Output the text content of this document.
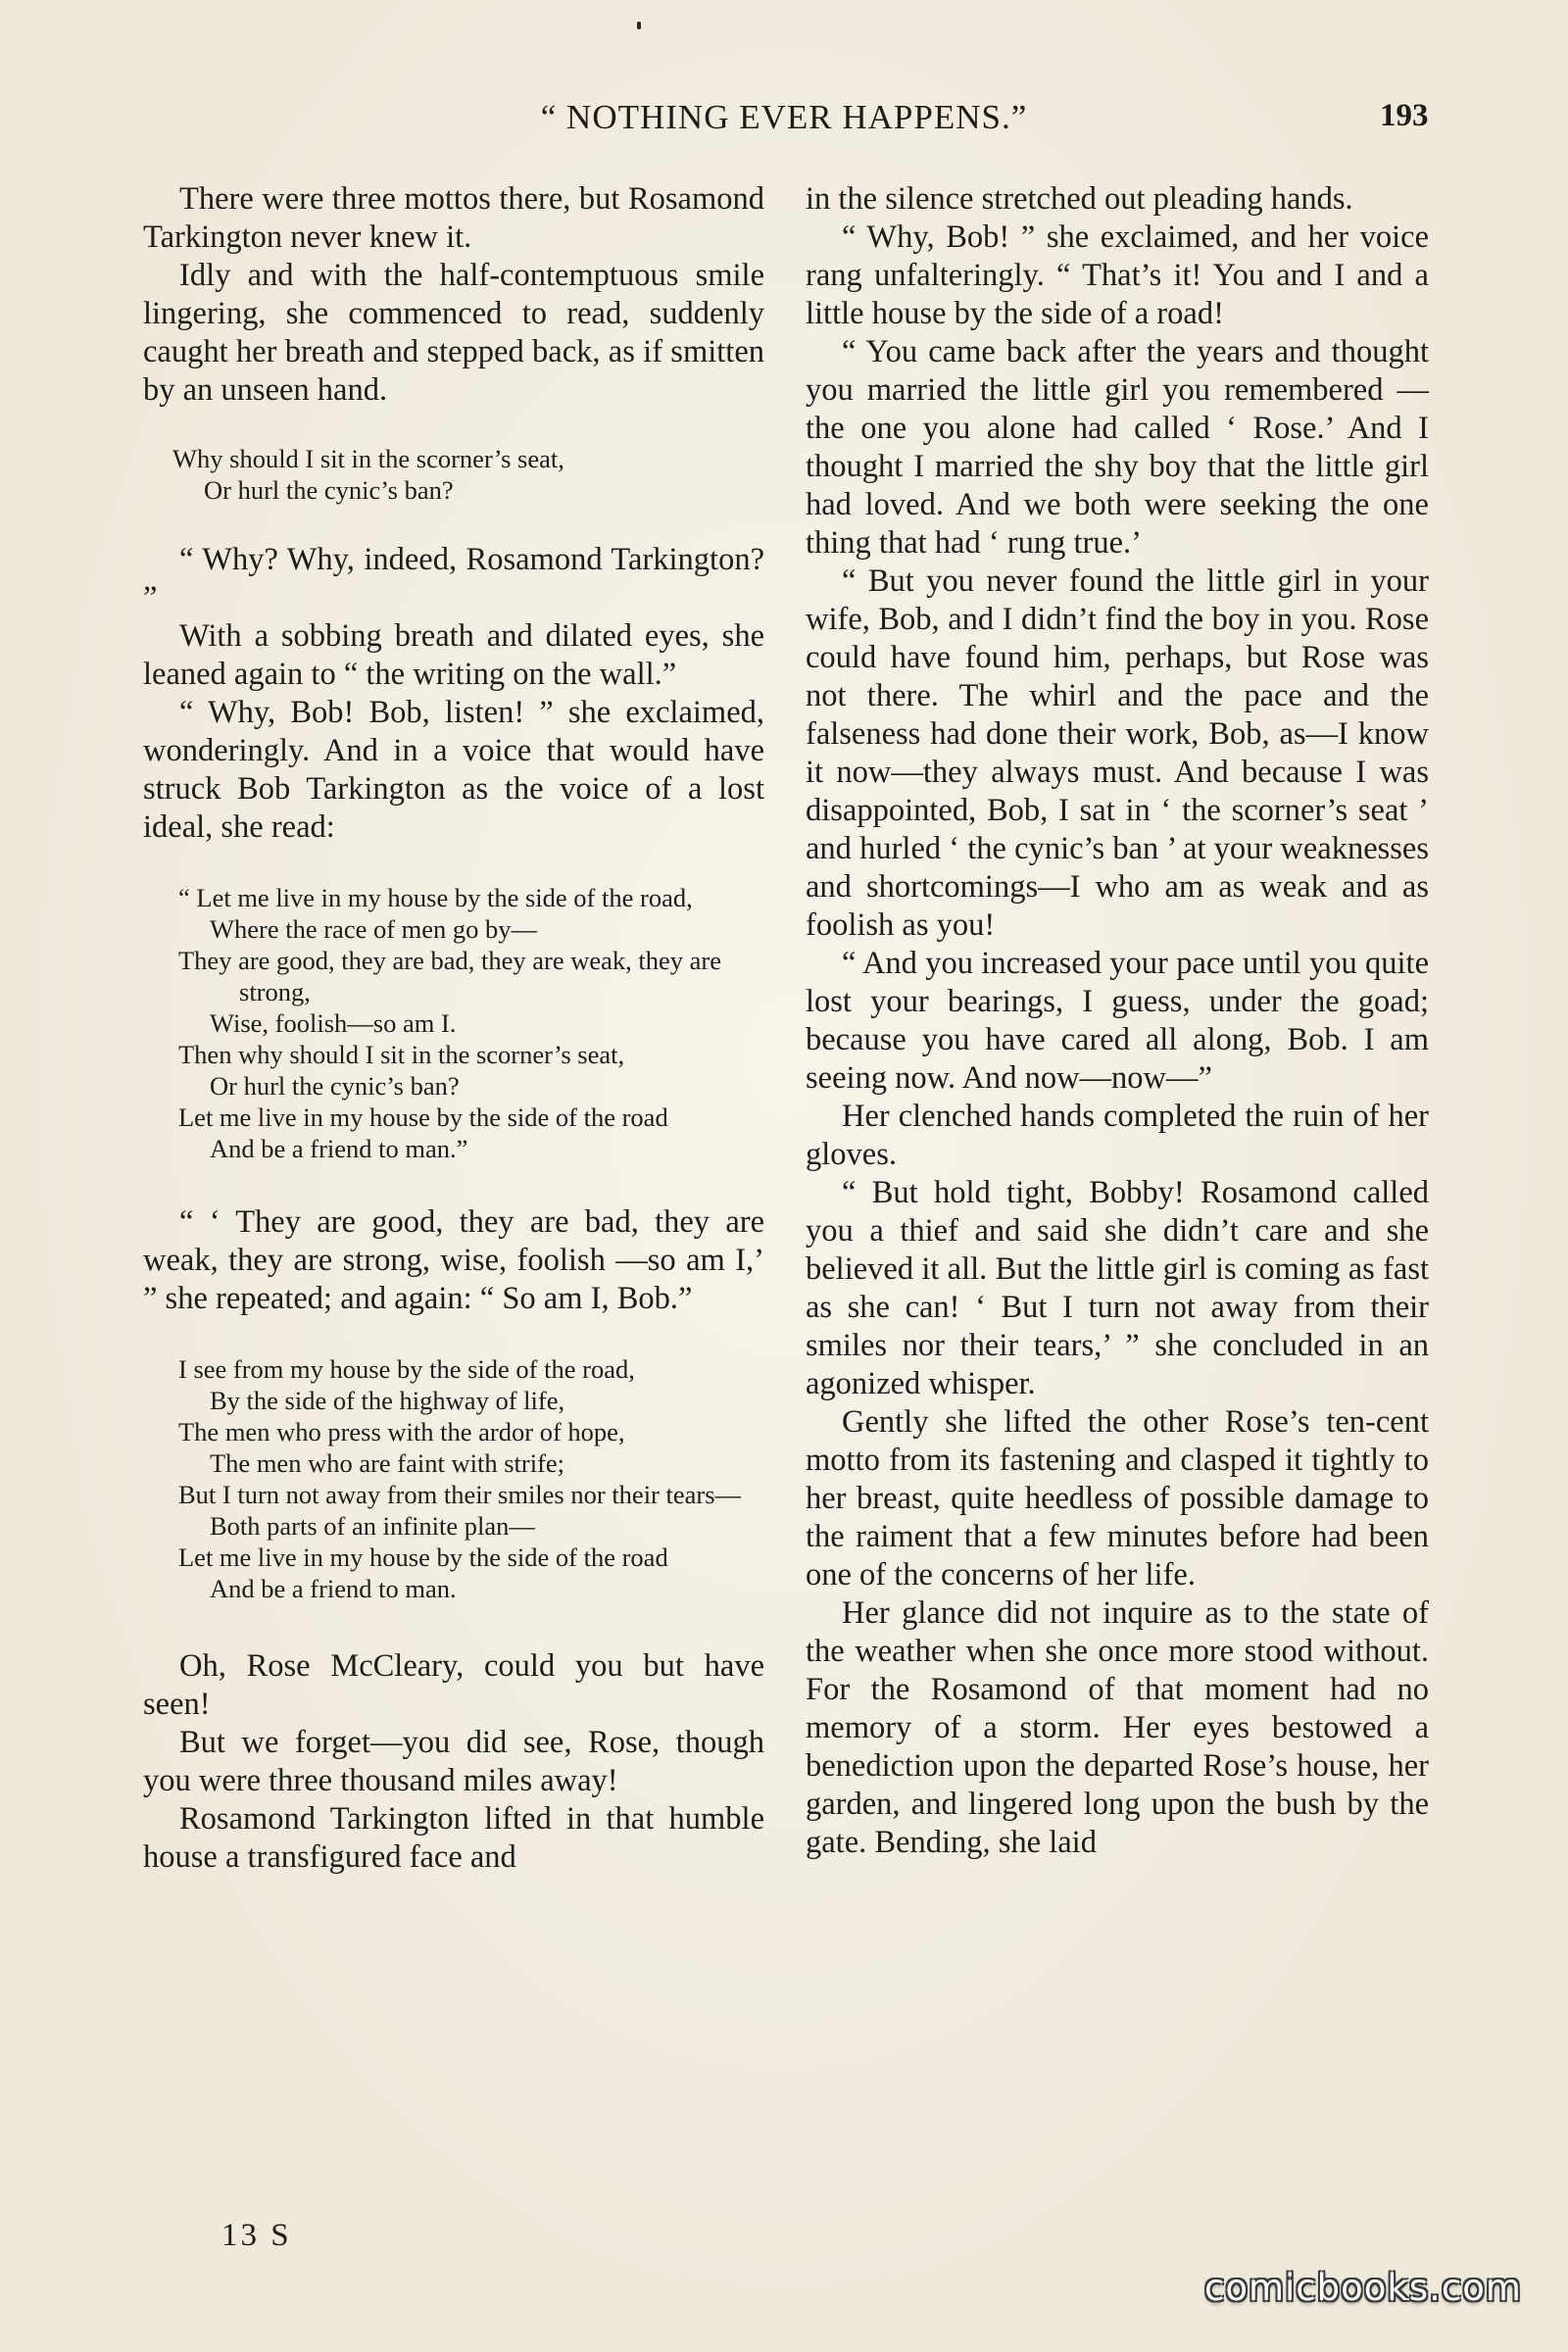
“ NOTHING EVER HAPPENS.”	193

There were three mottos there, but Rosamond Tarkington never knew it.

Idly and with the half-contemptuous smile lingering, she commenced to read, suddenly caught her breath and stepped back, as if smitten by an unseen hand.

Why should I sit in the scorner’s seat,
Or hurl the cynic’s ban?

“ Why? Why, indeed, Rosamond Tarkington? ”

With a sobbing breath and dilated eyes, she leaned again to “ the writing on the wall.”

“ Why, Bob! Bob, listen! ” she exclaimed, wonderingly. And in a voice that would have struck Bob Tarkington as the voice of a lost ideal, she read:

“ Let me live in my house by the side of the road,
Where the race of men go by—
They are good, they are bad, they are weak, they are strong,
Wise, foolish—so am I.
Then why should I sit in the scorner’s seat,
Or hurl the cynic’s ban?
Let me live in my house by the side of the road
And be a friend to man.”

“ ‘ They are good, they are bad, they are weak, they are strong, wise, foolish —so am I,’ ” she repeated; and again: “ So am I, Bob.”

I see from my house by the side of the road,
By the side of the highway of life,
The men who press with the ardor of hope,
The men who are faint with strife;
But I turn not away from their smiles nor their tears—
Both parts of an infinite plan—
Let me live in my house by the side of the road
And be a friend to man.

Oh, Rose McCleary, could you but have seen!

But we forget—you did see, Rose, though you were three thousand miles away!

Rosamond Tarkington lifted in that humble house a transfigured face and

in the silence stretched out pleading hands.

“ Why, Bob! ” she exclaimed, and her voice rang unfalteringly. “ That’s it! You and I and a little house by the side of a road!

“ You came back after the years and thought you married the little girl you remembered — the one you alone had called ‘ Rose.’ And I thought I married the shy boy that the little girl had loved. And we both were seeking the one thing that had ‘ rung true.’

“ But you never found the little girl in your wife, Bob, and I didn’t find the boy in you. Rose could have found him, perhaps, but Rose was not there. The whirl and the pace and the falseness had done their work, Bob, as—I know it now—they always must. And because I was disappointed, Bob, I sat in ‘ the scorner’s seat ’ and hurled ‘ the cynic’s ban ’ at your weaknesses and shortcomings—I who am as weak and as foolish as you!

“ And you increased your pace until you quite lost your bearings, I guess, under the goad; because you have cared all along, Bob. I am seeing now. And now—now—”

Her clenched hands completed the ruin of her gloves.

“ But hold tight, Bobby! Rosamond called you a thief and said she didn’t care and she believed it all. But the little girl is coming as fast as she can! ‘ But I turn not away from their smiles nor their tears,’ ” she concluded in an agonized whisper.

Gently she lifted the other Rose’s ten-cent motto from its fastening and clasped it tightly to her breast, quite heedless of possible damage to the raiment that a few minutes before had been one of the concerns of her life.

Her glance did not inquire as to the state of the weather when she once more stood without. For the Rosamond of that moment had no memory of a storm. Her eyes bestowed a benediction upon the departed Rose’s house, her garden, and lingered long upon the bush by the gate. Bending, she laid

13 S
comicbooks.com
